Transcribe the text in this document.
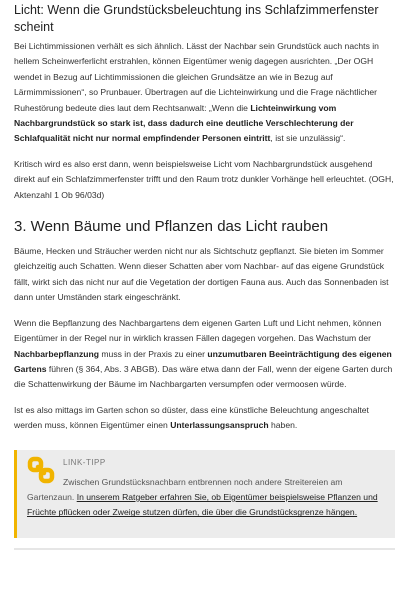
Licht: Wenn die Grundstücksbeleuchtung ins Schlafzimmerfenster scheint

Bei Lichtimmissionen verhält es sich ähnlich. Lässt der Nachbar sein Grundstück auch nachts in hellem Scheinwerferlicht erstrahlen, können Eigentümer wenig dagegen ausrichten. „Der OGH wendet in Bezug auf Lichtimmissionen die gleichen Grundsätze an wie in Bezug auf Lärmimmissionen“, so Prunbauer. Übertragen auf die Lichteinwirkung und die Frage nächtlicher Ruhestörung bedeute dies laut dem Rechtsanwalt: „Wenn die Lichteinwirkung vom Nachbargrundstück so stark ist, dass dadurch eine deutliche Verschlechterung der Schlafqualität nicht nur normal empfindender Personen eintritt, ist sie unzulässig“.

Kritisch wird es also erst dann, wenn beispielsweise Licht vom Nachbargrundstück ausgehend direkt auf ein Schlafzimmerfenster trifft und den Raum trotz dunkler Vorhänge hell erleuchtet. (OGH, Aktenzahl 1 Ob 96/03d)

3. Wenn Bäume und Pflanzen das Licht rauben

Bäume, Hecken und Sträucher werden nicht nur als Sichtschutz gepflanzt. Sie bieten im Sommer gleichzeitig auch Schatten. Wenn dieser Schatten aber vom Nachbar- auf das eigene Grundstück fällt, wirkt sich das nicht nur auf die Vegetation der dortigen Fauna aus. Auch das Sonnenbaden ist dann unter Umständen stark eingeschränkt.

Wenn die Bepflanzung des Nachbargartens dem eigenen Garten Luft und Licht nehmen, können Eigentümer in der Regel nur in wirklich krassen Fällen dagegen vorgehen. Das Wachstum der Nachbarbepflanzung muss in der Praxis zu einer unzumutbaren Beeinträchtigung des eigenen Gartens führen (§ 364, Abs. 3 ABGB). Das wäre etwa dann der Fall, wenn der eigene Garten durch die Schattenwirkung der Bäume im Nachbargarten versumpfen oder vermoosen würde.

Ist es also mittags im Garten schon so düster, dass eine künstliche Beleuchtung angeschaltet werden muss, können Eigentümer einen Unterlassungsanspruch haben.

LINK-TIPP

Zwischen Grundstücksnachbarn entbrennen noch andere Streitereien am Gartenzaun. In unserem Ratgeber erfahren Sie, ob Eigentümer beispielsweise Pflanzen und Früchte pflücken oder Zweige stutzen dürfen, die über die Grundstücksgrenze hängen.
